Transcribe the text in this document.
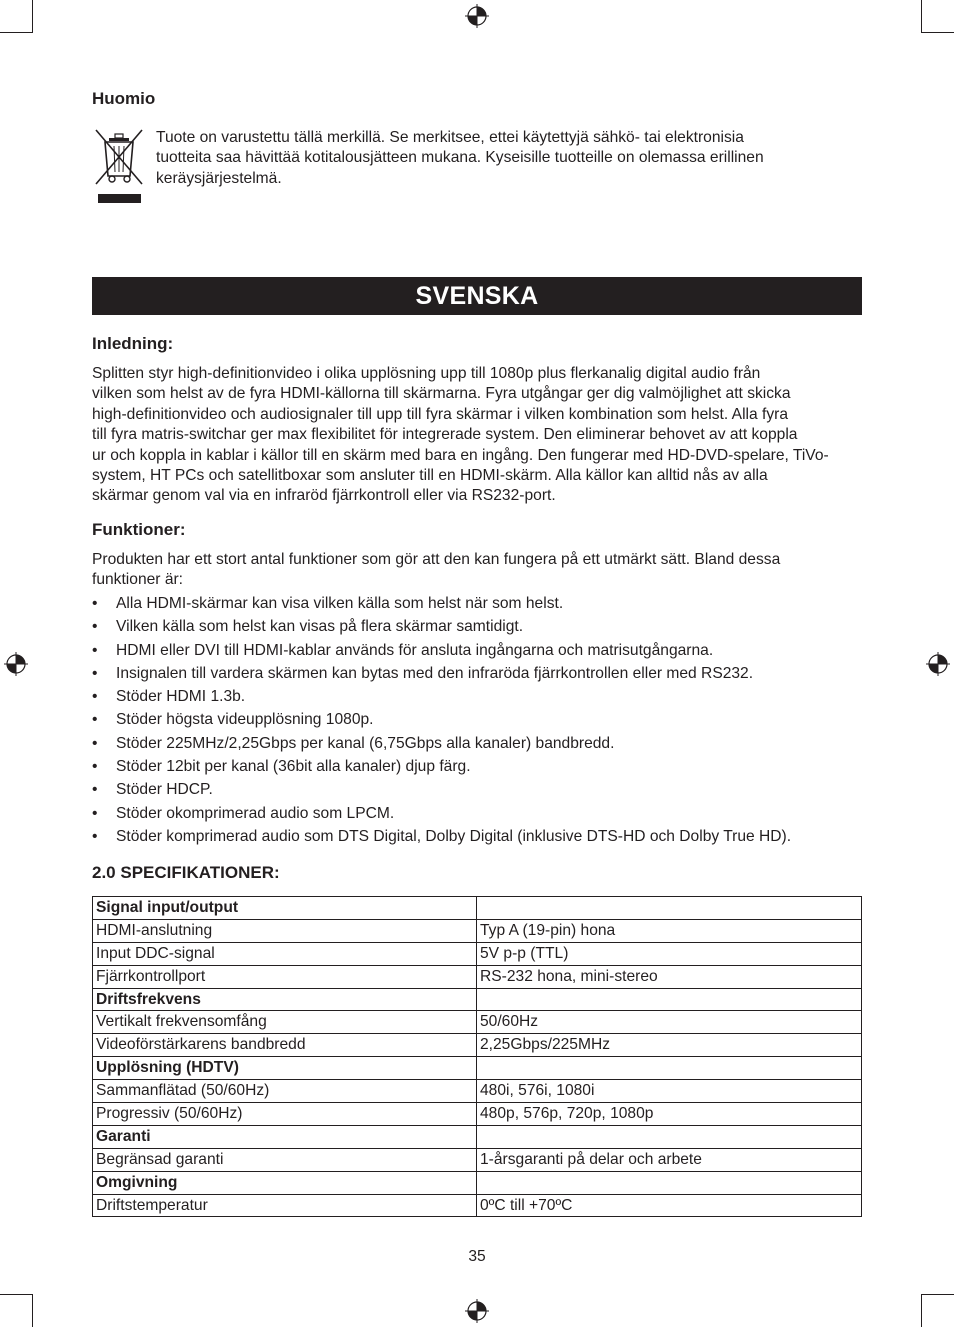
Huomio
Tuote on varustettu tällä merkillä. Se merkitsee, ettei käytettyjä sähkö- tai elektronisia
tuotteita saa hävittää kotitalousjätteen mukana. Kyseisille tuotteille on olemassa erillinen
keräysjärjestelmä.
SVENSKA
Inledning:
Splitten styr high-definitionvideo i olika upplösning upp till 1080p plus flerkanalig digital audio från
vilken som helst av de fyra HDMI-källorna till skärmarna. Fyra utgångar ger dig valmöjlighet att skicka
high-definitionvideo och audiosignaler till upp till fyra skärmar i vilken kombination som helst. Alla fyra
till fyra matris-switchar ger max flexibilitet för integrerade system. Den eliminerar behovet av att koppla
ur och koppla in kablar i källor till en skärm med bara en ingång. Den fungerar med HD-DVD-spelare, TiVo-
system, HT PCs och satellitboxar som ansluter till en HDMI-skärm. Alla källor kan alltid nås av alla
skärmar genom val via en infraröd fjärrkontroll eller via RS232-port.
Funktioner:
Produkten har ett stort antal funktioner som gör att den kan fungera på ett utmärkt sätt. Bland dessa
funktioner är:
• Alla HDMI-skärmar kan visa vilken källa som helst när som helst.
• Vilken källa som helst kan visas på flera skärmar samtidigt.
• HDMI eller DVI till HDMI-kablar används för ansluta ingångarna och matrisutgångarna.
• Insignalen till vardera skärmen kan bytas med den infraröda fjärrkontrollen eller med RS232.
• Stöder HDMI 1.3b.
• Stöder högsta videupplösning 1080p.
• Stöder 225MHz/2,25Gbps per kanal (6,75Gbps alla kanaler) bandbredd.
• Stöder 12bit per kanal (36bit alla kanaler) djup färg.
• Stöder HDCP.
• Stöder okomprimerad audio som LPCM.
• Stöder komprimerad audio som DTS Digital, Dolby Digital (inklusive DTS-HD och Dolby True HD).
2.0 SPECIFIKATIONER:
Signal input/output	
HDMI-anslutning	Typ A (19-pin) hona
Input DDC-signal	5V p-p (TTL)
Fjärrkontrollport	RS-232 hona, mini-stereo
Driftsfrekvens	
Vertikalt frekvensomfång	50/60Hz
Videoförstärkarens bandbredd	2,25Gbps/225MHz
Upplösning (HDTV)	
Sammanflätad (50/60Hz)	480i, 576i, 1080i
Progressiv (50/60Hz)	480p, 576p, 720p, 1080p
Garanti	
Begränsad garanti	1-årsgaranti på delar och arbete
Omgivning	
Driftstemperatur	0ºC till +70ºC
35
